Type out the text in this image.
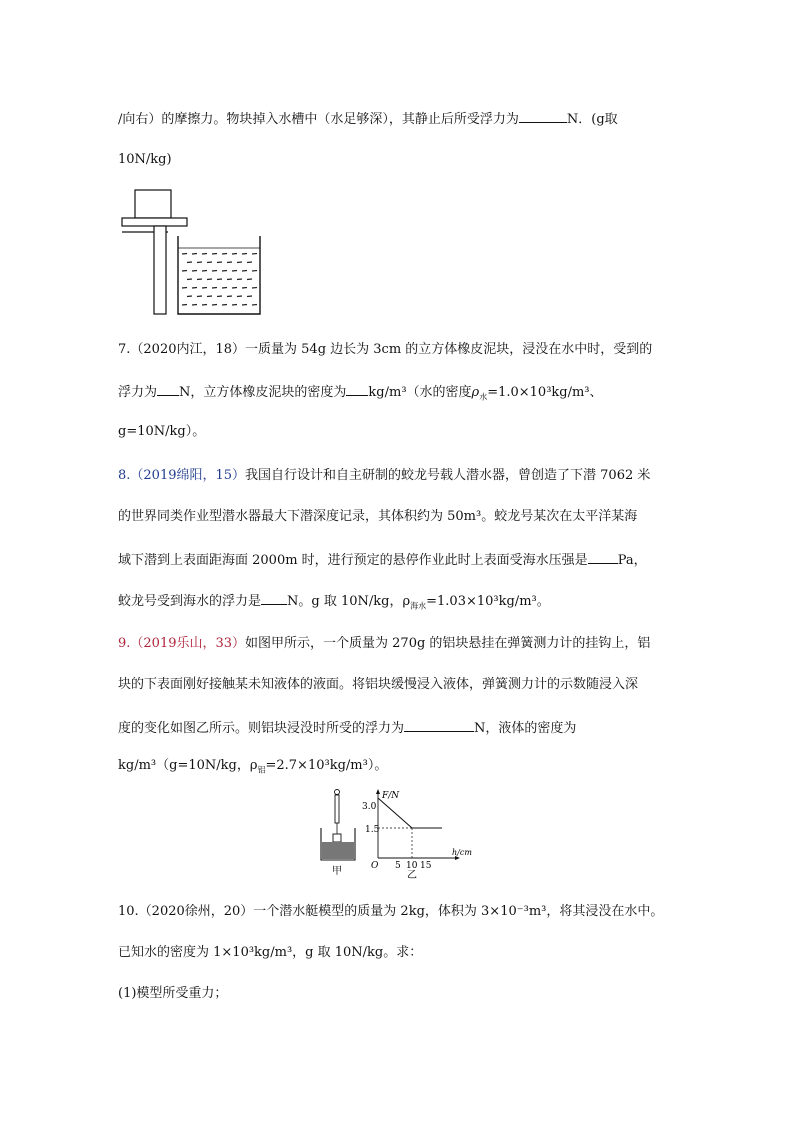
/向右）的摩擦力。物块掉入水槽中（水足够深），其静止后所受浮力为	N．(g取
10N/kg)
7.（2020内江，18）一质量为 54g 边长为 3cm 的立方体橡皮泥块，浸没在水中时，受到的
浮力为 N，立方体橡皮泥块的密度为 kg/m³（水的密度$\rho_水=1.0\times 10^3kg/m^3$、
g=10N/kg）。
8.（2019绵阳，15）我国自行设计和自主研制的蛟龙号载人潜水器，曾创造了下潜 7062 米
的世界同类作业型潜水器最大下潜深度记录，其体积约为 50m³。蛟龙号某次在太平洋某海
域下潜到上表面距海面 2000m 时，进行预定的悬停作业此时上表面受海水压强是 Pa，
蛟龙号受到海水的浮力是 N。g 取 10N/kg，$\rho_{海水}=1.03\times 10^3kg/m^3$。
9.（2019乐山，33）如图甲所示，一个质量为 270g 的铝块悬挂在弹簧测力计的挂钩上，铝
块的下表面刚好接触某未知液体的液面。将铝块缓慢浸入液体，弹簧测力计的示数随浸入深
度的变化如图乙所示。则铝块浸没时所受的浮力为	N，液体的密度为
kg/m³（g=10N/kg，$\rho_铝=2.7\times 10^3kg/m^3$）。
甲
F/N
h/cm
O
3.0
1.5
5 10 15
乙
10.（2020徐州，20）一个潜水艇模型的质量为 2kg，体积为 3×10⁻³m³，将其浸没在水中。
已知水的密度为 1×10³kg/m³，g 取 10N/kg。求：
(1)模型所受重力；
